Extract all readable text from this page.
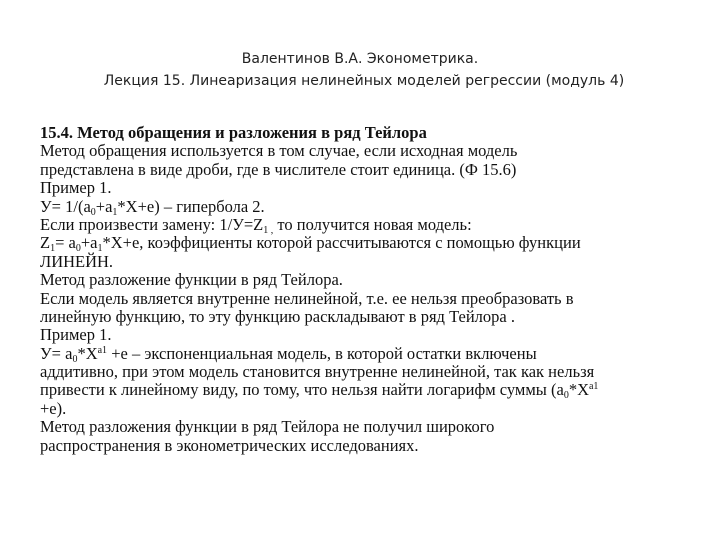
Валентинов В.А. Эконометрика.
Лекция 15. Линеаризация нелинейных моделей регрессии (модуль 4)
15.4. Метод обращения и разложения в ряд Тейлора
Метод обращения используется в том случае, если исходная модель
представлена в виде дроби, где в числителе стоит единица. (Ф 15.6)
Пример 1.
$У= 1/(а_0+а_1*Х+е)$ – гипербола 2.
Если произвести замену: $1/У=Z_{1 ,}$ то получится новая модель:
$Z_1= а_0+а_1*Х+е$, коэффициенты которой рассчитываются с помощью функции
ЛИНЕЙН.
Метод разложение функции в ряд Тейлора.
Если модель является внутренне нелинейной, т.е. ее нельзя преобразовать в
линейную функцию, то эту функцию раскладывают в ряд Тейлора .
Пример 1.
$У= а_0*Х^{а1} +е$ – экспоненциальная модель, в которой остатки включены
аддитивно, при этом модель становится внутренне нелинейной, так как нельзя
привести к линейному виду, по тому, что нельзя найти логарифм суммы ($а_0*Х^{а1}$
+е).
Метод разложения функции в ряд Тейлора не получил широкого
распространения в эконометрических исследованиях.
